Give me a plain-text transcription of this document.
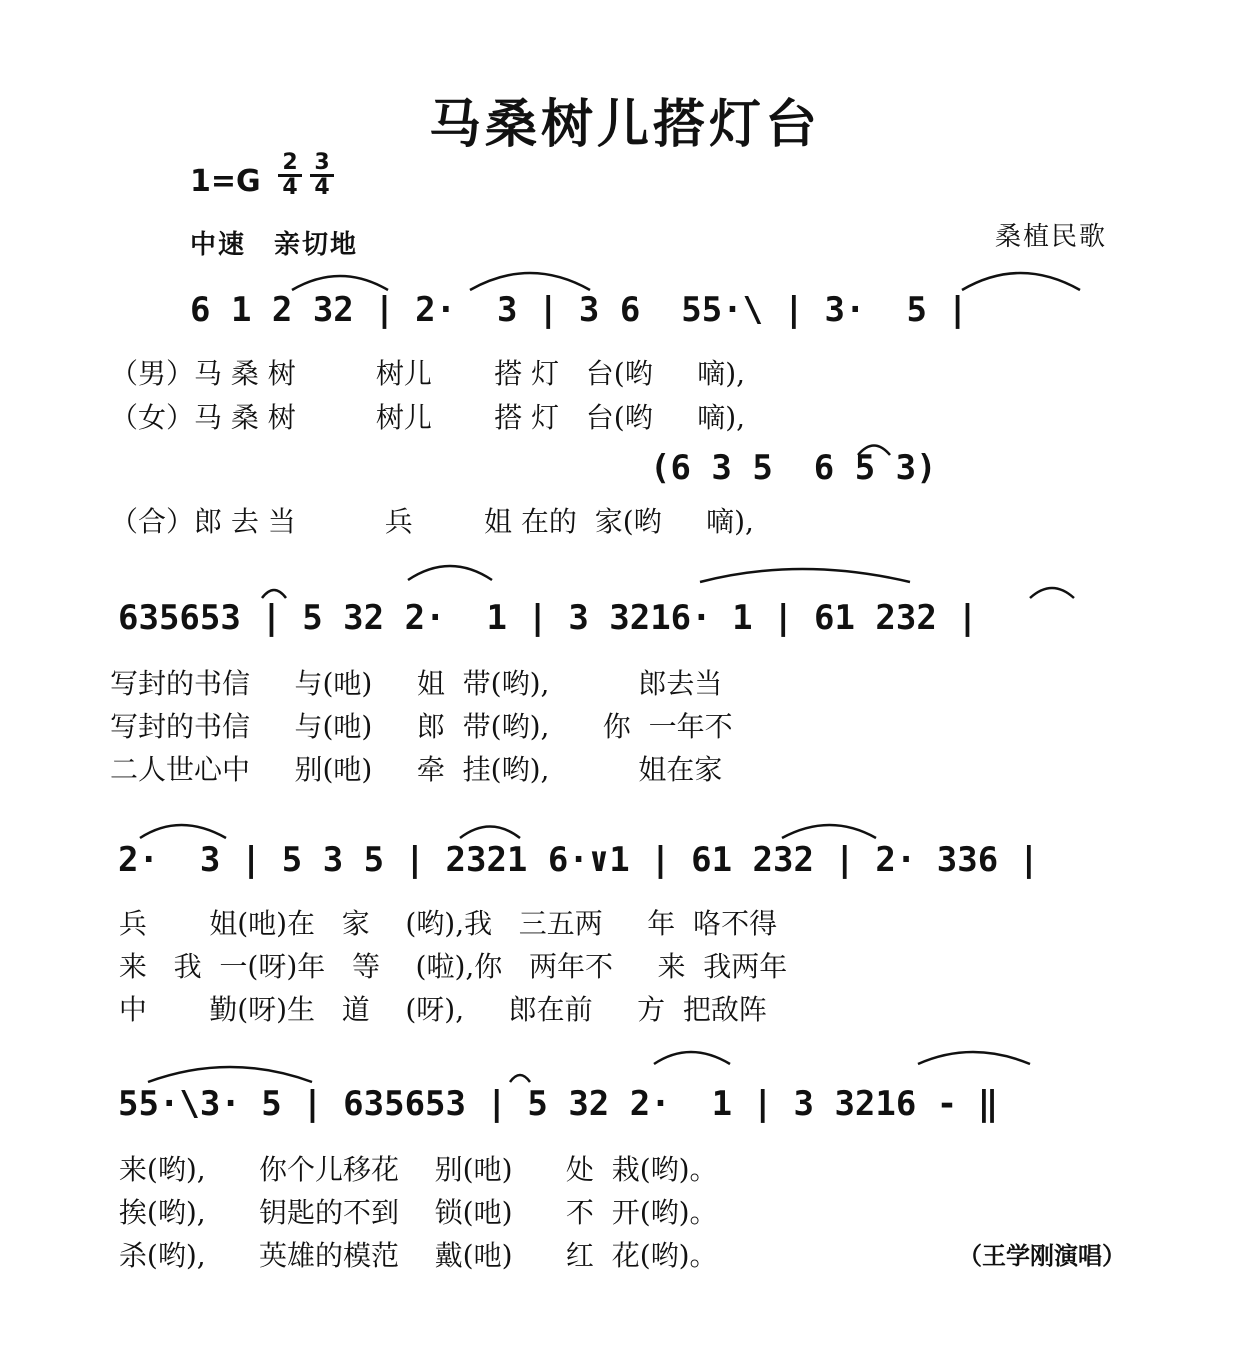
马桑树儿搭灯台
$1=G \frac{2}{4} \frac{3}{4}$
中速　亲切地	桑植民歌
6 1 2 32 | 2·  3 | 3 6  55·\ | 3·  5 |
（男）马 桑 树         树儿       搭 灯   台(哟     嘀),
（女）马 桑 树         树儿       搭 灯   台(哟     嘀),
(6 3 5  6 5 3)
（合）郎 去 当          兵        姐 在的  家(哟     嘀),
635653 | 5 32 2·  1 | 3 3216· 1 | 61 232 |
写封的书信     与(吔)     姐  带(哟),          郎去当
写封的书信     与(吔)     郎  带(哟),      你  一年不
二人世心中     别(吔)     牵  挂(哟),          姐在家
2·  3 | 5 3 5 | 2321 6·∨1 | 61 232 | 2· 336 |
兵       姐(吔)在   家    (哟),我   三五两     年  咯不得
来   我  一(呀)年   等    (啦),你   两年不     来  我两年
中       勤(呀)生   道    (呀),     郎在前     方  把敌阵
55·\3· 5 | 635653 | 5 32 2·  1 | 3 3216 - ‖
来(哟),      你个儿移花    别(吔)      处  栽(哟)。
挨(哟),      钥匙的不到    锁(吔)      不  开(哟)。
杀(哟),      英雄的模范    戴(吔)      红  花(哟)。	（王学刚演唱）
